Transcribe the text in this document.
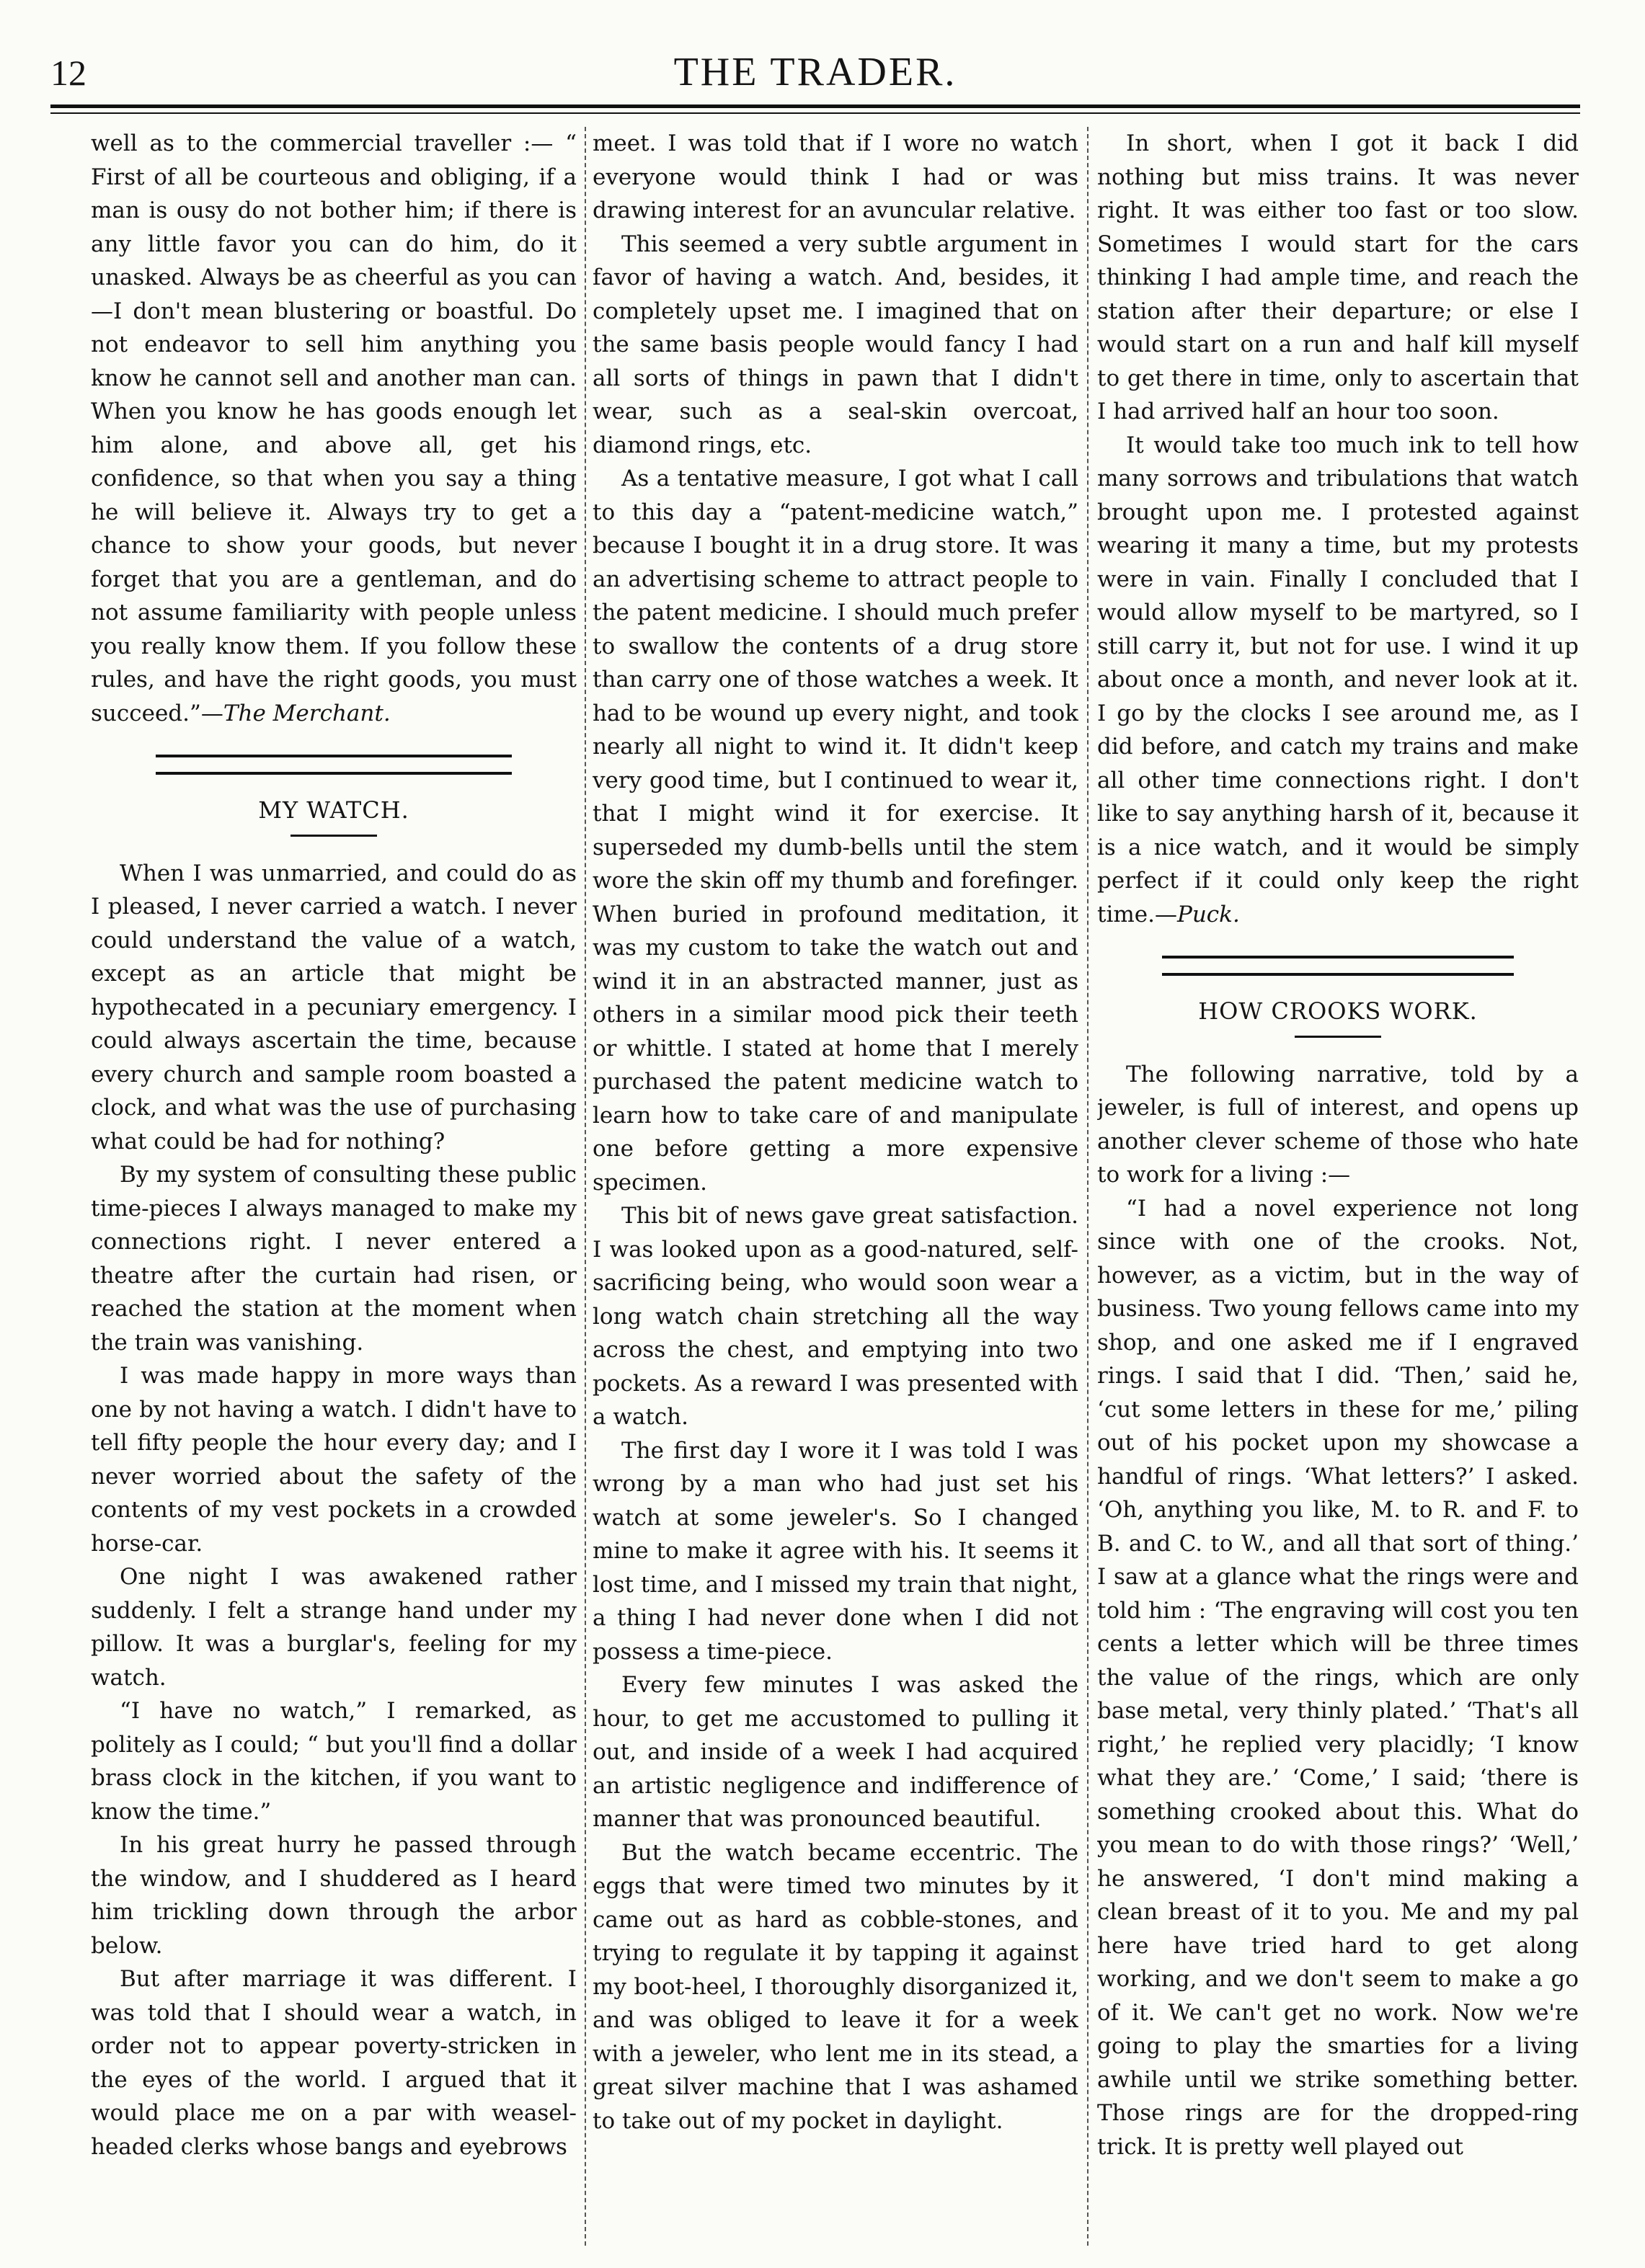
12	THE TRADER.

well as to the commercial traveller :— “ First of all be courteous and obliging, if a man is ousy do not bother him; if there is any little favor you can do him, do it unasked. Always be as cheerful as you can—I don't mean blustering or boastful. Do not endeavor to sell him anything you know he cannot sell and another man can. When you know he has goods enough let him alone, and above all, get his confidence, so that when you say a thing he will believe it. Always try to get a chance to show your goods, but never forget that you are a gentleman, and do not assume familiarity with people unless you really know them. If you follow these rules, and have the right goods, you must succeed.”—The Merchant.

MY WATCH.

When I was unmarried, and could do as I pleased, I never carried a watch. I never could understand the value of a watch, except as an article that might be hypothecated in a pecuniary emergency. I could always ascertain the time, because every church and sample room boasted a clock, and what was the use of purchasing what could be had for nothing?

By my system of consulting these public time-pieces I always managed to make my connections right. I never entered a theatre after the curtain had risen, or reached the station at the moment when the train was vanishing.

I was made happy in more ways than one by not having a watch. I didn't have to tell fifty people the hour every day; and I never worried about the safety of the contents of my vest pockets in a crowded horse-car.

One night I was awakened rather suddenly. I felt a strange hand under my pillow. It was a burglar's, feeling for my watch.

“I have no watch,” I remarked, as politely as I could; “ but you'll find a dollar brass clock in the kitchen, if you want to know the time.”

In his great hurry he passed through the window, and I shuddered as I heard him trickling down through the arbor below.

But after marriage it was different. I was told that I should wear a watch, in order not to appear poverty-stricken in the eyes of the world. I argued that it would place me on a par with weasel-headed clerks whose bangs and eyebrows

meet. I was told that if I wore no watch everyone would think I had or was drawing interest for an avuncular relative.

This seemed a very subtle argument in favor of having a watch. And, besides, it completely upset me. I imagined that on the same basis people would fancy I had all sorts of things in pawn that I didn't wear, such as a seal-skin overcoat, diamond rings, etc.

As a tentative measure, I got what I call to this day a “patent-medicine watch,” because I bought it in a drug store. It was an advertising scheme to attract people to the patent medicine. I should much prefer to swallow the contents of a drug store than carry one of those watches a week. It had to be wound up every night, and took nearly all night to wind it. It didn't keep very good time, but I continued to wear it, that I might wind it for exercise. It superseded my dumb-bells until the stem wore the skin off my thumb and forefinger. When buried in profound meditation, it was my custom to take the watch out and wind it in an abstracted manner, just as others in a similar mood pick their teeth or whittle. I stated at home that I merely purchased the patent medicine watch to learn how to take care of and manipulate one before getting a more expensive specimen.

This bit of news gave great satisfaction. I was looked upon as a good-natured, self-sacrificing being, who would soon wear a long watch chain stretching all the way across the chest, and emptying into two pockets. As a reward I was presented with a watch.

The first day I wore it I was told I was wrong by a man who had just set his watch at some jeweler's. So I changed mine to make it agree with his. It seems it lost time, and I missed my train that night, a thing I had never done when I did not possess a time-piece.

Every few minutes I was asked the hour, to get me accustomed to pulling it out, and inside of a week I had acquired an artistic negligence and indifference of manner that was pronounced beautiful.

But the watch became eccentric. The eggs that were timed two minutes by it came out as hard as cobble-stones, and trying to regulate it by tapping it against my boot-heel, I thoroughly disorganized it, and was obliged to leave it for a week with a jeweler, who lent me in its stead, a great silver machine that I was ashamed to take out of my pocket in daylight.

In short, when I got it back I did nothing but miss trains. It was never right. It was either too fast or too slow. Sometimes I would start for the cars thinking I had ample time, and reach the station after their departure; or else I would start on a run and half kill myself to get there in time, only to ascertain that I had arrived half an hour too soon.

It would take too much ink to tell how many sorrows and tribulations that watch brought upon me. I protested against wearing it many a time, but my protests were in vain. Finally I concluded that I would allow myself to be martyred, so I still carry it, but not for use. I wind it up about once a month, and never look at it. I go by the clocks I see around me, as I did before, and catch my trains and make all other time connections right. I don't like to say anything harsh of it, because it is a nice watch, and it would be simply perfect if it could only keep the right time.—Puck.

HOW CROOKS WORK.

The following narrative, told by a jeweler, is full of interest, and opens up another clever scheme of those who hate to work for a living :—

“I had a novel experience not long since with one of the crooks. Not, however, as a victim, but in the way of business. Two young fellows came into my shop, and one asked me if I engraved rings. I said that I did. ‘Then,’ said he, ‘cut some letters in these for me,’ piling out of his pocket upon my showcase a handful of rings. ‘What letters?’ I asked. ‘Oh, anything you like, M. to R. and F. to B. and C. to W., and all that sort of thing.’ I saw at a glance what the rings were and told him : ‘The engraving will cost you ten cents a letter which will be three times the value of the rings, which are only base metal, very thinly plated.’ ‘That's all right,’ he replied very placidly; ‘I know what they are.’ ‘Come,’ I said; ‘there is something crooked about this. What do you mean to do with those rings?’ ‘Well,’ he answered, ‘I don't mind making a clean breast of it to you. Me and my pal here have tried hard to get along working, and we don't seem to make a go of it. We can't get no work. Now we're going to play the smarties for a living awhile until we strike something better. Those rings are for the dropped-ring trick. It is pretty well played out
